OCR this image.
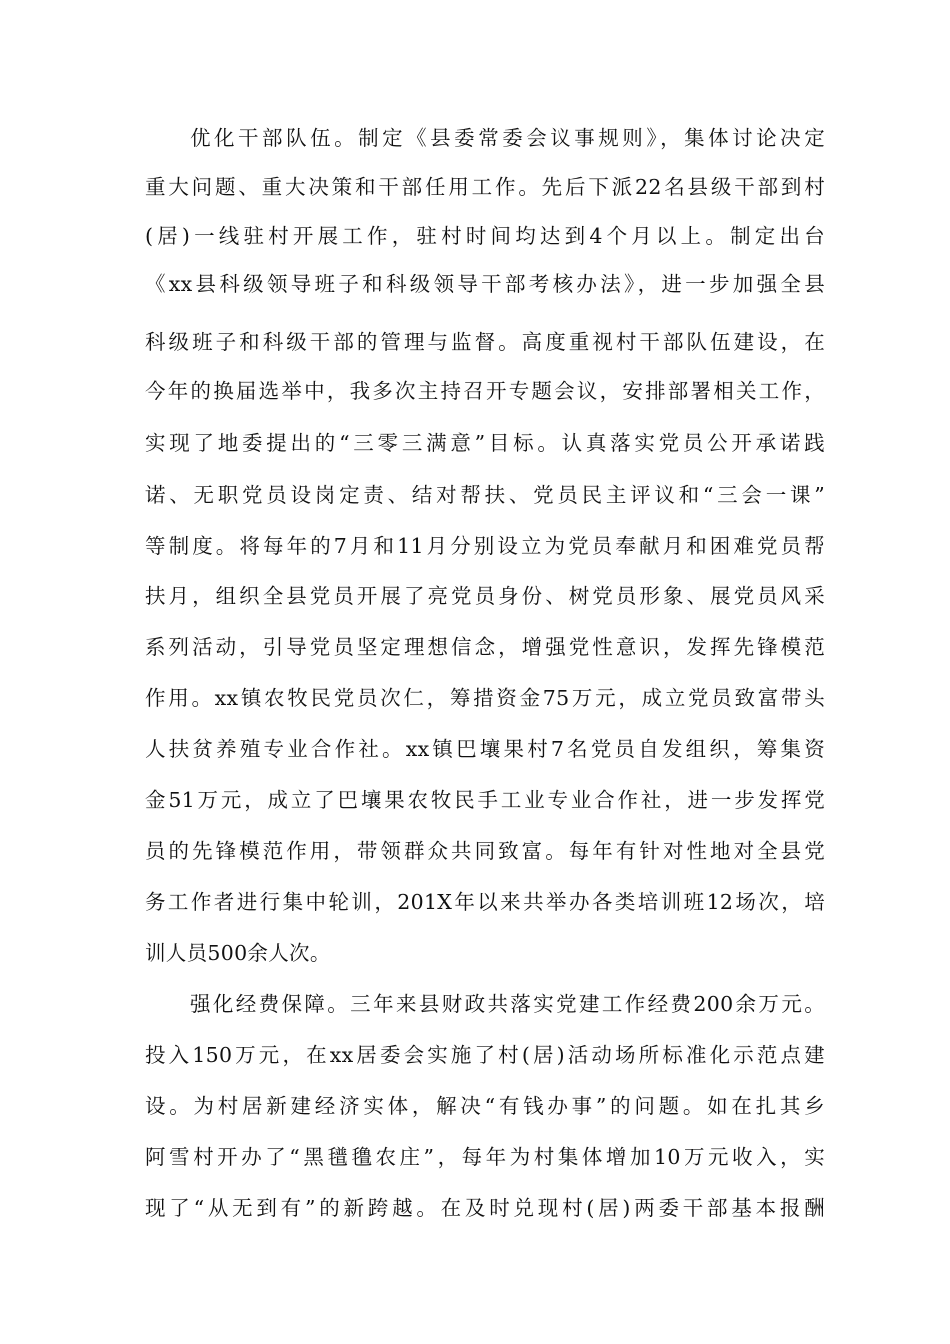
优化干部队伍。制定《县委常委会议事规则》，集体讨论决定
重大问题、重大决策和干部任用工作。先后下派22名县级干部到村
(居)一线驻村开展工作，驻村时间均达到4个月以上。制定出台
《xx县科级领导班子和科级领导干部考核办法》，进一步加强全县
科级班子和科级干部的管理与监督。高度重视村干部队伍建设，在
今年的换届选举中，我多次主持召开专题会议，安排部署相关工作，
实现了地委提出的“三零三满意”目标。认真落实党员公开承诺践
诺、无职党员设岗定责、结对帮扶、党员民主评议和“三会一课”
等制度。将每年的7月和11月分别设立为党员奉献月和困难党员帮
扶月，组织全县党员开展了亮党员身份、树党员形象、展党员风采
系列活动，引导党员坚定理想信念，增强党性意识，发挥先锋模范
作用。xx镇农牧民党员次仁，筹措资金75万元，成立党员致富带头
人扶贫养殖专业合作社。xx镇巴壤果村7名党员自发组织，筹集资
金51万元，成立了巴壤果农牧民手工业专业合作社，进一步发挥党
员的先锋模范作用，带领群众共同致富。每年有针对性地对全县党
务工作者进行集中轮训，201X年以来共举办各类培训班12场次，培
训人员500余人次。
强化经费保障。三年来县财政共落实党建工作经费200余万元。
投入150万元，在xx居委会实施了村(居)活动场所标准化示范点建
设。为村居新建经济实体，解决“有钱办事”的问题。如在扎其乡
阿雪村开办了“黑氆氇农庄”，每年为村集体增加10万元收入，实
现了“从无到有”的新跨越。在及时兑现村(居)两委干部基本报酬
